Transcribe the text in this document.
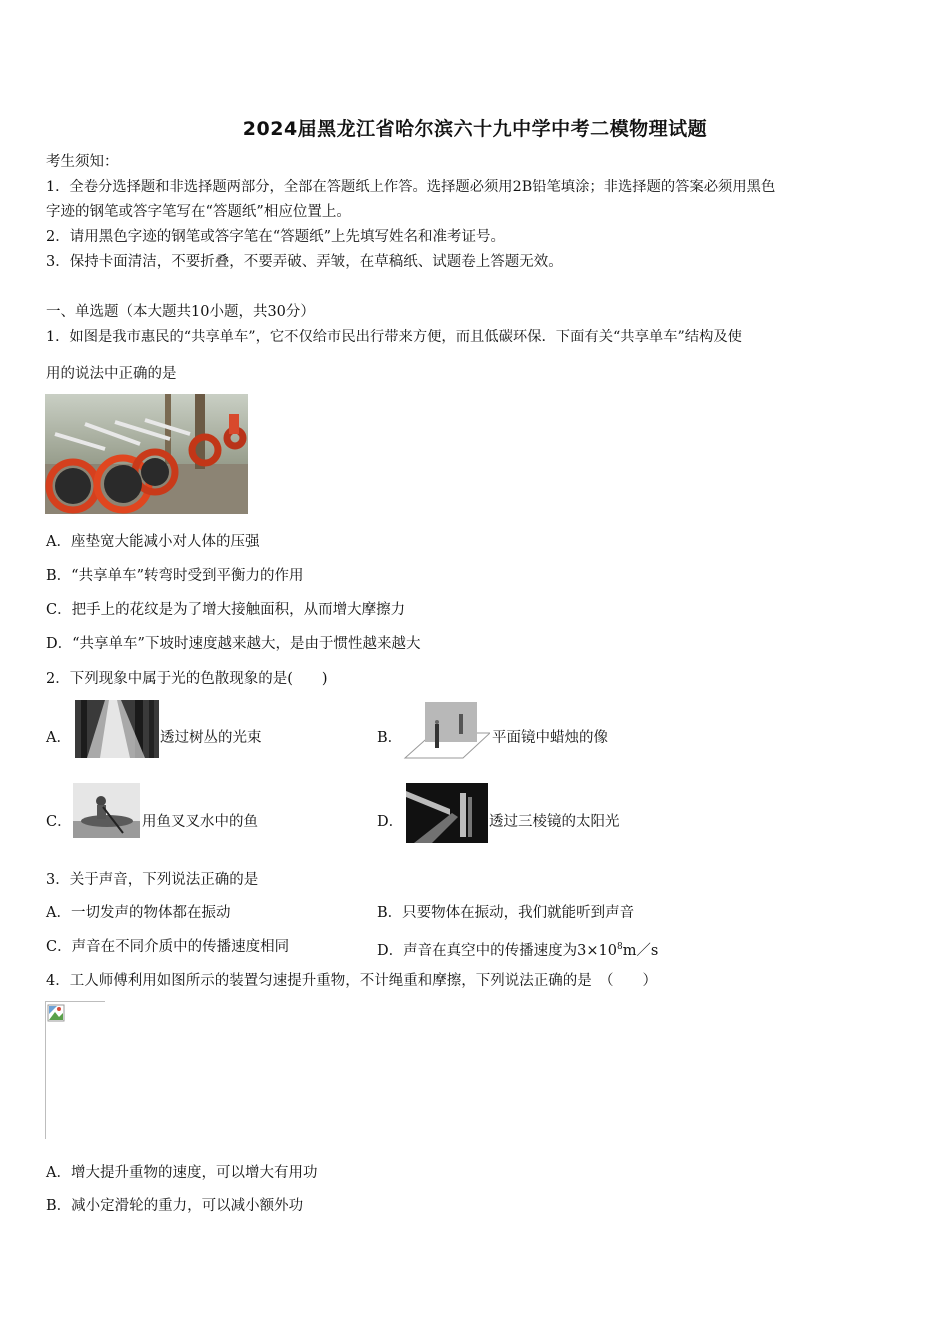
2024届黑龙江省哈尔滨六十九中学中考二模物理试题
考生须知：
1．全卷分选择题和非选择题两部分，全部在答题纸上作答。选择题必须用2B铅笔填涂；非选择题的答案必须用黑色
字迹的钢笔或答字笔写在“答题纸”相应位置上。
2．请用黑色字迹的钢笔或答字笔在“答题纸”上先填写姓名和准考证号。
3．保持卡面清洁，不要折叠，不要弄破、弄皱，在草稿纸、试题卷上答题无效。
一、单选题（本大题共10小题，共30分）
1．如图是我市惠民的“共享单车”，它不仅给市民出行带来方便，而且低碳环保．下面有关“共享单车”结构及使
用的说法中正确的是
A．座垫宽大能减小对人体的压强
B．“共享单车”转弯时受到平衡力的作用
C．把手上的花纹是为了增大接触面积，从而增大摩擦力
D．“共享单车”下坡时速度越来越大，是由于惯性越来越大
2．下列现象中属于光的色散现象的是(　　)
A．	透过树丛的光束	B．	平面镜中蜡烛的像
C．	用鱼叉叉水中的鱼	D．	透过三棱镜的太阳光
3．关于声音，下列说法正确的是
A．一切发声的物体都在振动	B．只要物体在振动，我们就能听到声音
C．声音在不同介质中的传播速度相同	D．声音在真空中的传播速度为$3\times 10^8m/s$
4．工人师傅利用如图所示的装置匀速提升重物，不计绳重和摩擦，下列说法正确的是　（　　）
A．增大提升重物的速度，可以增大有用功
B．减小定滑轮的重力，可以减小额外功
